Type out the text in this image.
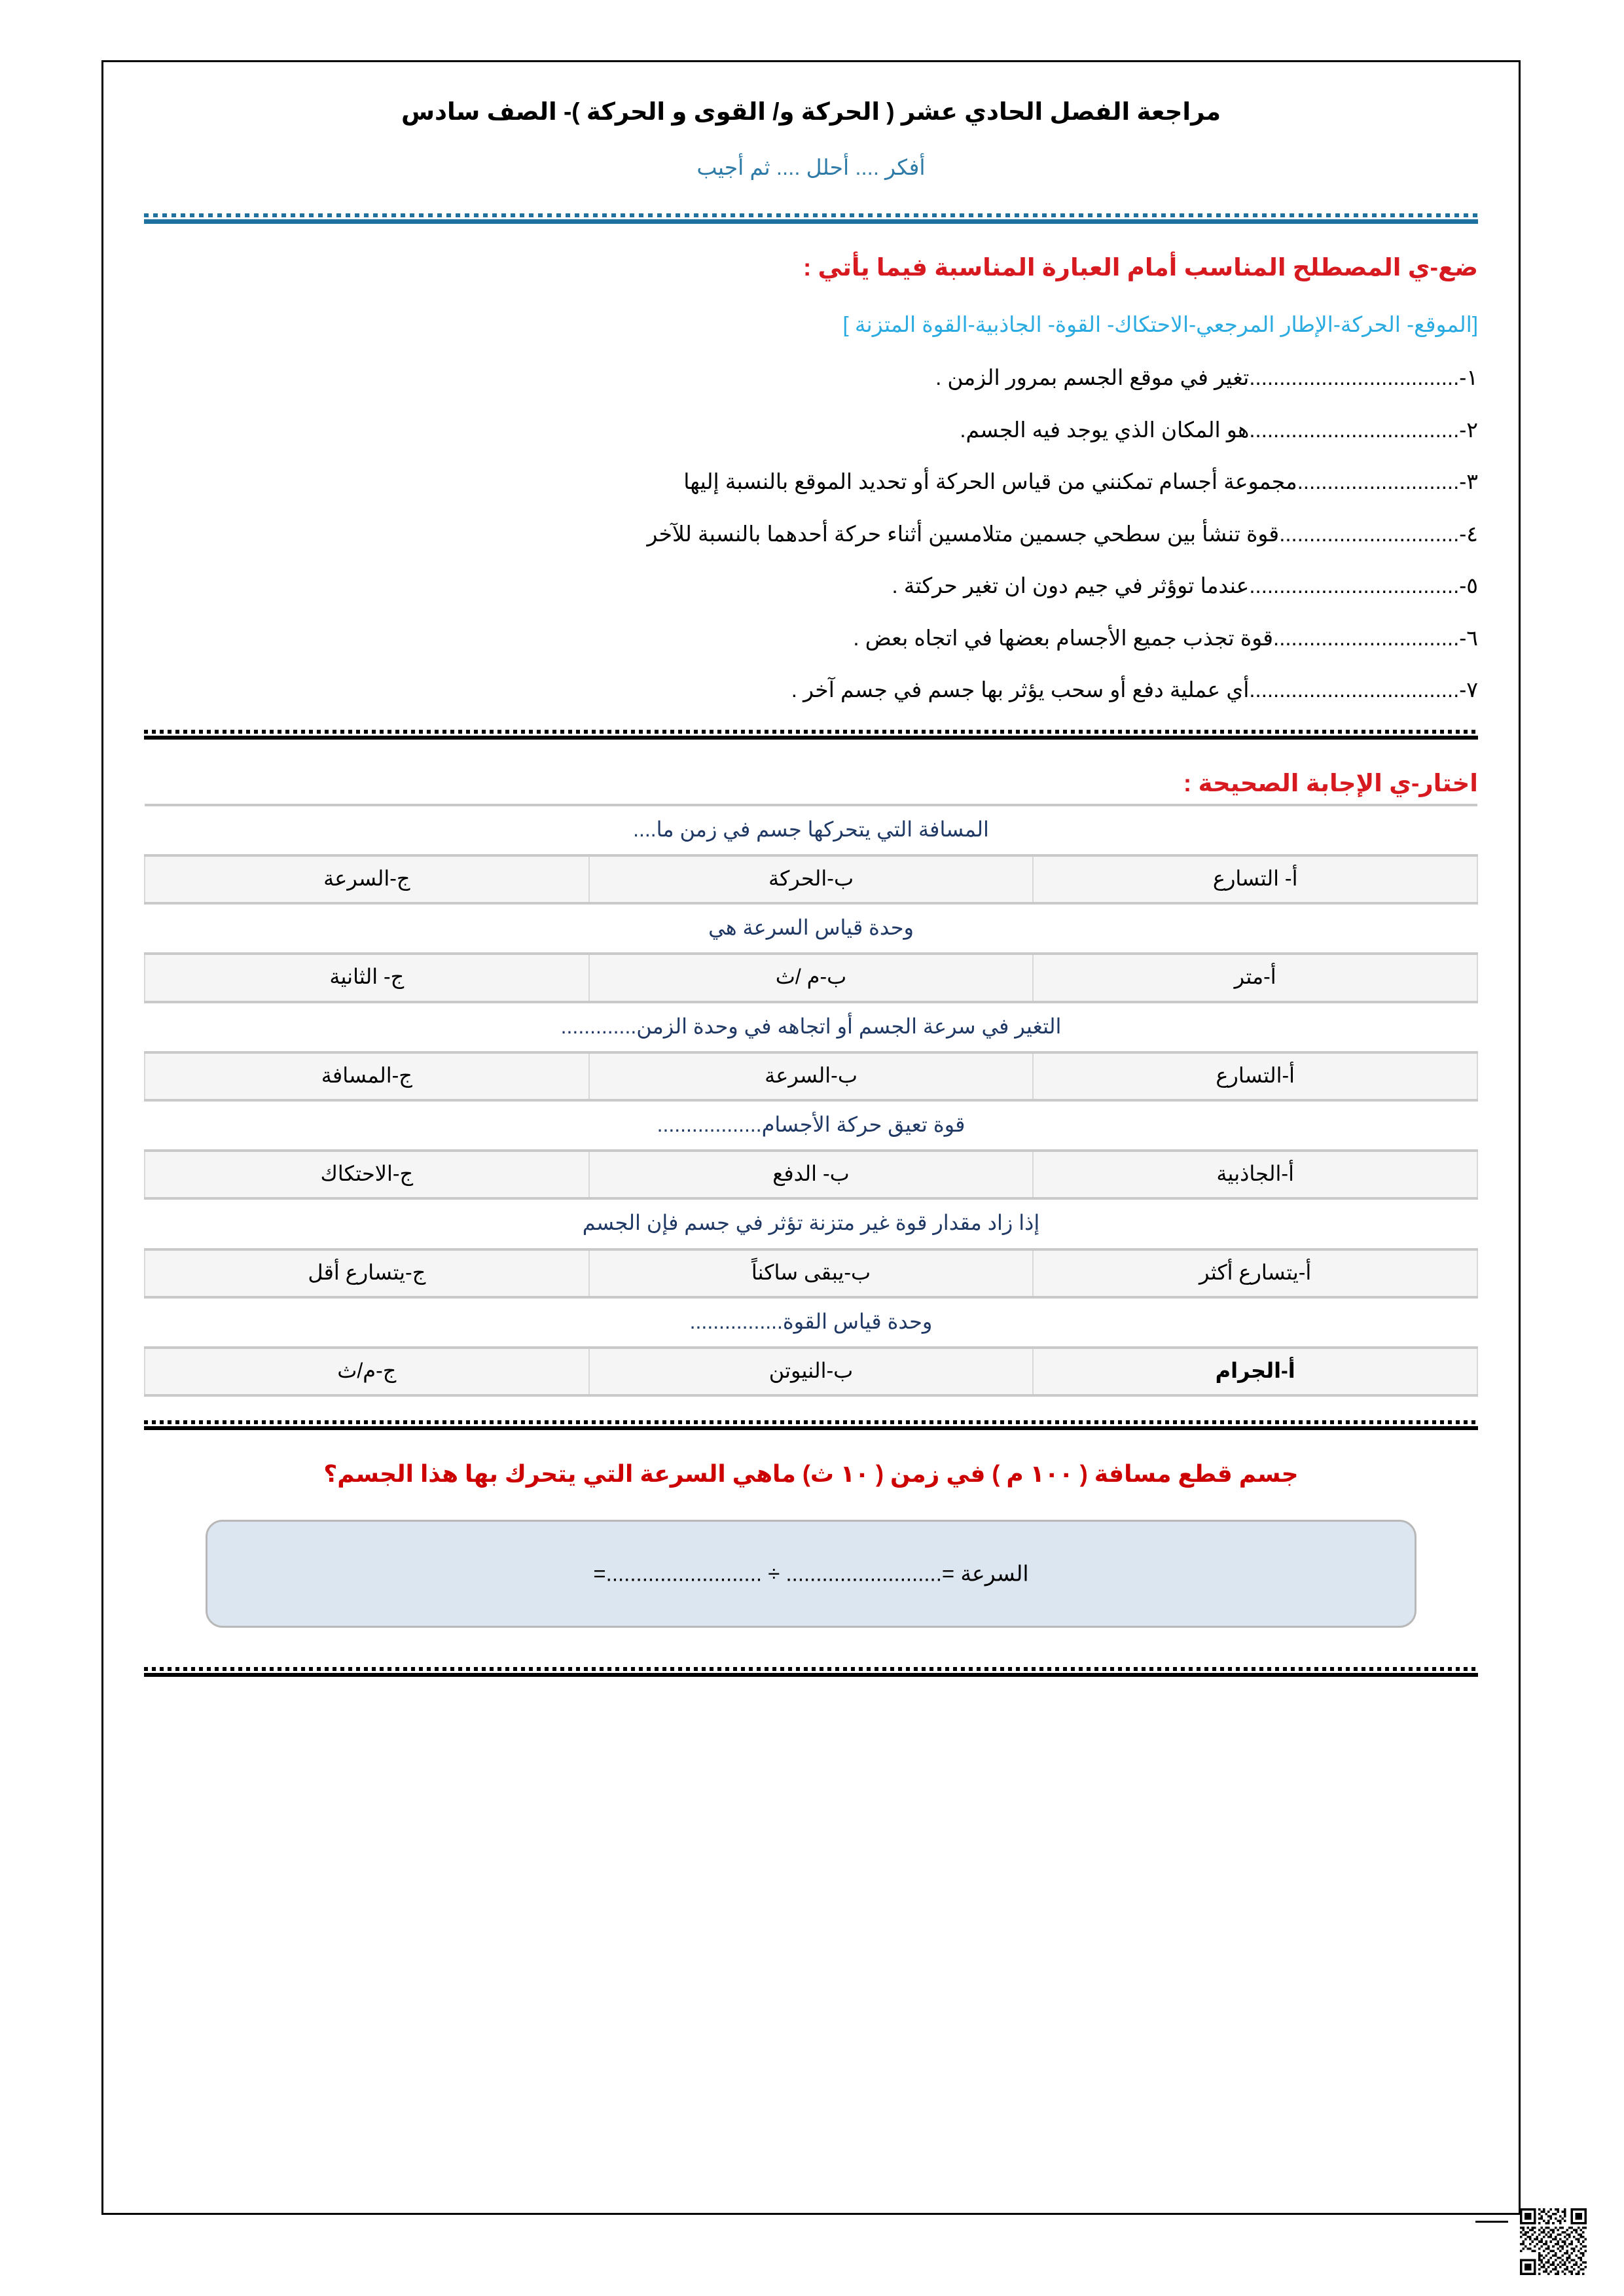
مراجعة الفصل الحادي عشر ( الحركة و/ القوى و الحركة )- الصف سادس
أفكر .... أحلل .... ثم أجيب
ضع-ي المصطلح المناسب أمام العبارة المناسبة فيما يأتي :
[الموقع- الحركة-الإطار المرجعي-الاحتكاك- القوة- الجاذبية-القوة المتزنة ]
١-...................................تغير في موقع الجسم بمرور الزمن .
٢-...................................هو المكان الذي يوجد فيه الجسم.
٣-...........................مجموعة أجسام تمكنني من قياس الحركة أو تحديد الموقع بالنسبة إليها
٤-..............................قوة تنشأ بين سطحي جسمين متلامسين أثناء حركة أحدهما بالنسبة للآخر
٥-...................................عندما توؤثر في جيم دون ان تغير حركتة .
٦-...............................قوة تجذب جميع الأجسام بعضها في اتجاه بعض .
٧-...................................أي عملية دفع أو سحب يؤثر بها جسم في جسم آخر .
اختار-ي الإجابة الصحيحة :
المسافة التي يتحركها جسم في زمن ما....		
أ- التسارع	ب-الحركة	ج-السرعة
وحدة قياس السرعة هي		
أ-متر	ب-م /ث	ج- الثانية
التغير في سرعة الجسم أو اتجاهه في وحدة الزمن.............		
أ-التسارع	ب-السرعة	ج-المسافة
قوة تعيق حركة الأجسام..................		
أ-الجاذبية	ب- الدفع	ج-الاحتكاك
إذا زاد مقدار قوة غير متزنة تؤثر في جسم فإن الجسم		
أ-يتسارع أكثر	ب-يبقى ساكناً	ج-يتسارع أقل
وحدة قياس القوة................		
أ-الجرام	ب-النيوتن	ج-م/ث
جسم قطع مسافة ( ١٠٠ م ) في زمن ( ١٠ ث) ماهي السرعة التي يتحرك بها هذا الجسم؟
السرعة =.......................... ÷ ..........................=
